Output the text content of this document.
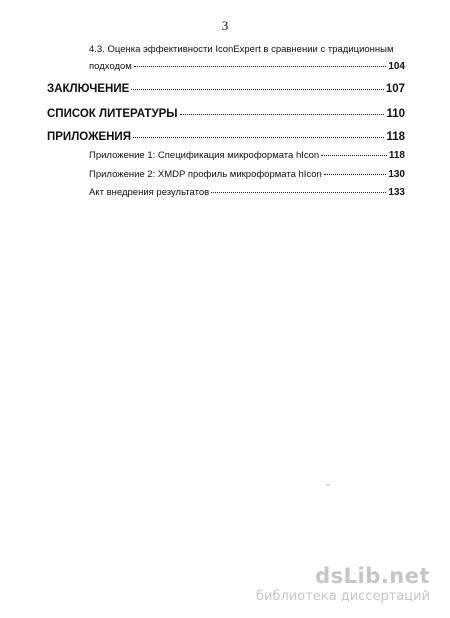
3
4.3. Оценка эффективности IconExpert в сравнении с традиционным
подходом	104
ЗАКЛЮЧЕНИЕ	107
СПИСОК ЛИТЕРАТУРЫ	110
ПРИЛОЖЕНИЯ	118
Приложение 1: Спецификация микроформата hIcon	118
Приложение 2: XMDP профиль микроформата hIcon	130
Акт внедрения результатов	133
dsLib.net
библиотека диссертаций
